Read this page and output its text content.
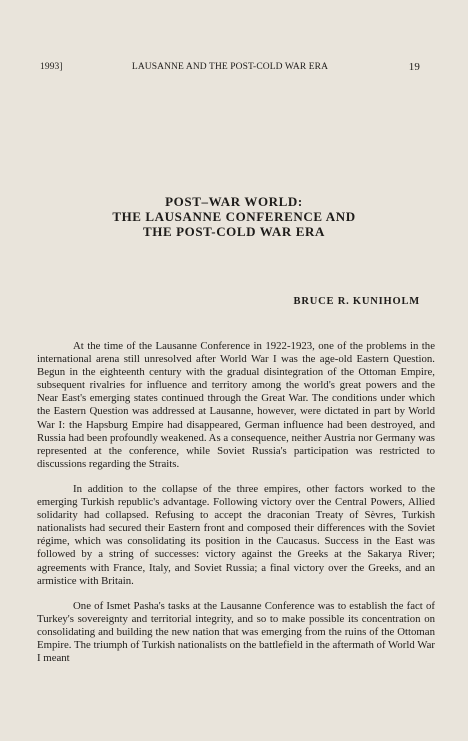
1993]	LAUSANNE AND THE POST-COLD WAR ERA	19
POST–WAR WORLD:
THE LAUSANNE CONFERENCE AND
THE POST-COLD WAR ERA
BRUCE R. KUNIHOLM

At the time of the Lausanne Conference in 1922-1923, one of the problems in the international arena still unresolved after World War I was the age-old Eastern Question. Begun in the eighteenth century with the gradual disintegration of the Ottoman Empire, subsequent rivalries for influence and territory among the world's great powers and the Near East's emerging states continued through the Great War. The conditions under which the Eastern Question was addressed at Lausanne, however, were dictated in part by World War I: the Hapsburg Empire had disappeared, German influence had been destroyed, and Russia had been profoundly weakened. As a consequence, neither Austria nor Germany was represented at the conference, while Soviet Russia's participation was restricted to discussions regarding the Straits.

In addition to the collapse of the three empires, other factors worked to the emerging Turkish republic's advantage. Following victory over the Central Powers, Allied solidarity had collapsed. Refusing to accept the draconian Treaty of Sèvres, Turkish nationalists had secured their Eastern front and composed their differences with the Soviet régime, which was consolidating its position in the Caucasus. Success in the East was followed by a string of successes: victory against the Greeks at the Sakarya River; agreements with France, Italy, and Soviet Russia; a final victory over the Greeks, and an armistice with Britain.

One of Ismet Pasha's tasks at the Lausanne Conference was to establish the fact of Turkey's sovereignty and territorial integrity, and so to make possible its concentration on consolidating and building the new nation that was emerging from the ruins of the Ottoman Empire. The triumph of Turkish nationalists on the battlefield in the aftermath of World War I meant
